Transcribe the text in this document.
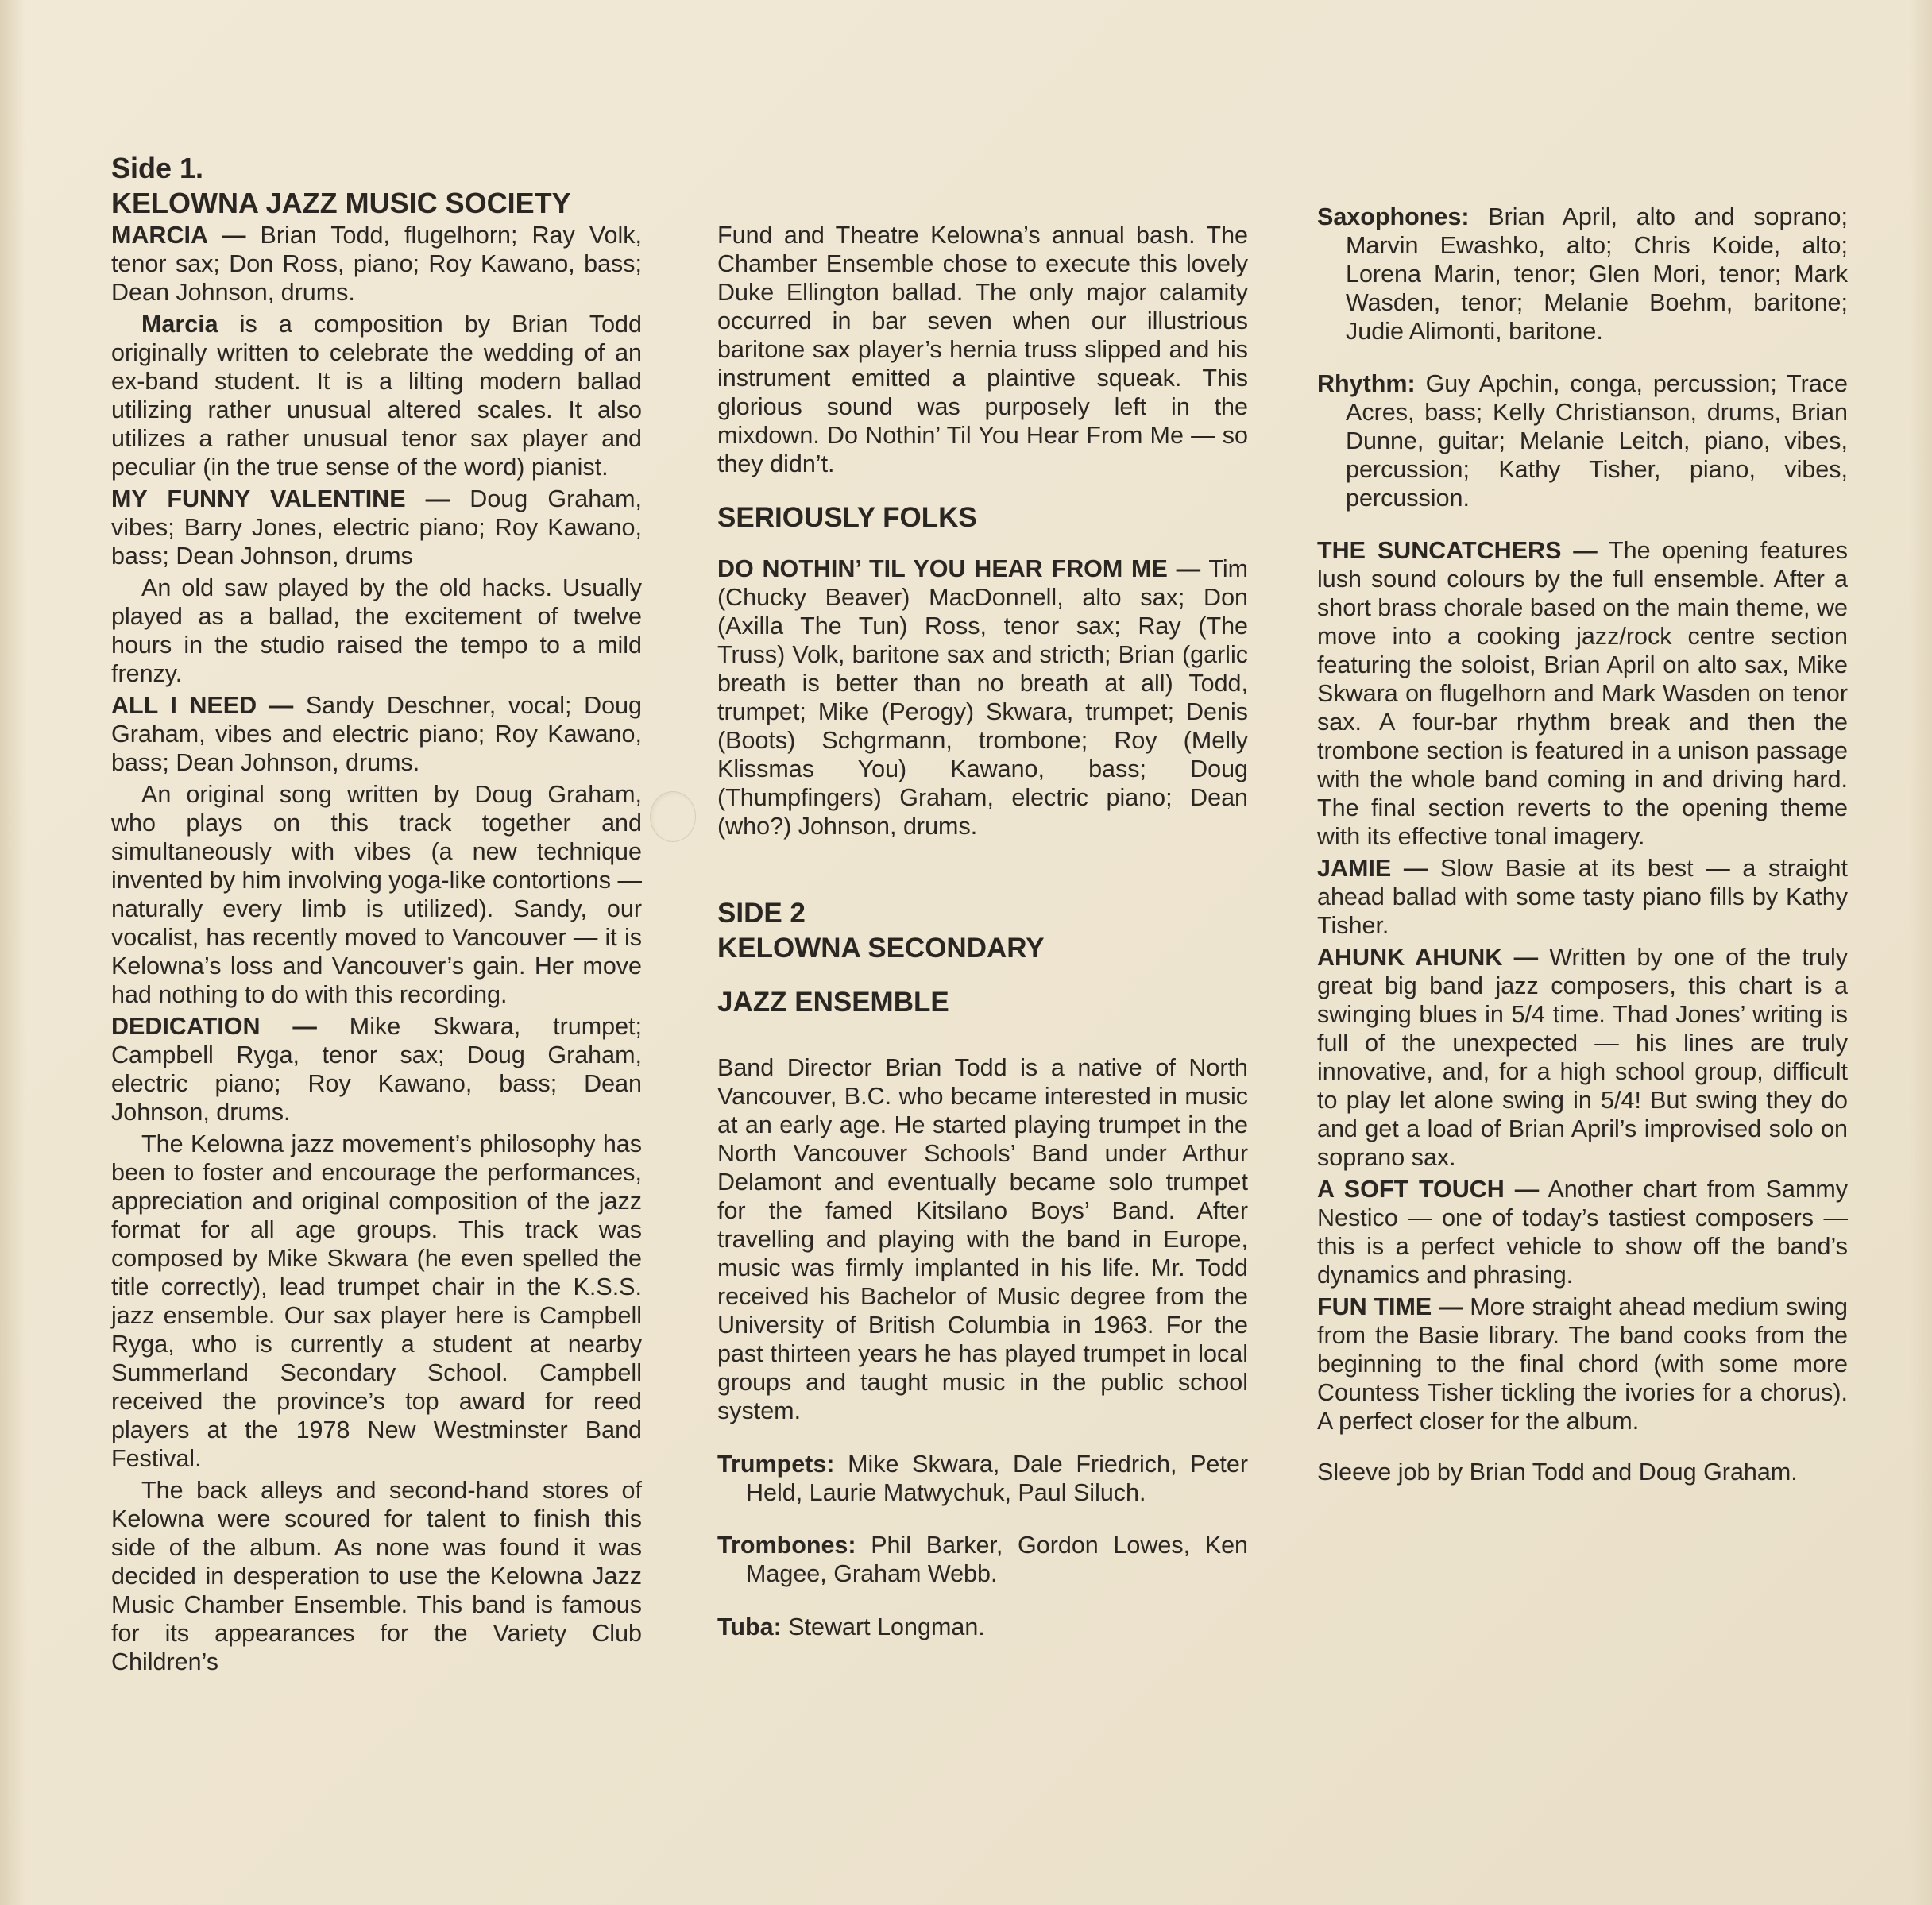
Side 1.
KELOWNA JAZZ MUSIC SOCIETY

MARCIA — Brian Todd, flugelhorn; Ray Volk, tenor sax; Don Ross, piano; Roy Kawano, bass; Dean Johnson, drums.

Marcia is a composition by Brian Todd originally written to celebrate the wedding of an ex-band student. It is a lilting modern ballad utilizing rather unusual altered scales. It also utilizes a rather unusual tenor sax player and peculiar (in the true sense of the word) pianist.

MY FUNNY VALENTINE — Doug Graham, vibes; Barry Jones, electric piano; Roy Kawano, bass; Dean Johnson, drums

An old saw played by the old hacks. Usually played as a ballad, the excitement of twelve hours in the studio raised the tempo to a mild frenzy.

ALL I NEED — Sandy Deschner, vocal; Doug Graham, vibes and electric piano; Roy Kawano, bass; Dean Johnson, drums.

An original song written by Doug Graham, who plays on this track together and simultaneously with vibes (a new technique invented by him involving yoga-like contortions — naturally every limb is utilized). Sandy, our vocalist, has recently moved to Vancouver — it is Kelowna’s loss and Vancouver’s gain. Her move had nothing to do with this recording.

DEDICATION — Mike Skwara, trumpet; Campbell Ryga, tenor sax; Doug Graham, electric piano; Roy Kawano, bass; Dean Johnson, drums.

The Kelowna jazz movement’s philosophy has been to foster and encourage the performances, appreciation and original composition of the jazz format for all age groups. This track was composed by Mike Skwara (he even spelled the title correctly), lead trumpet chair in the K.S.S. jazz ensemble. Our sax player here is Campbell Ryga, who is currently a student at nearby Summerland Secondary School. Campbell received the province’s top award for reed players at the 1978 New Westminster Band Festival.

The back alleys and second-hand stores of Kelowna were scoured for talent to finish this side of the album. As none was found it was decided in desperation to use the Kelowna Jazz Music Chamber Ensemble. This band is famous for its appearances for the Variety Club Children’s

Fund and Theatre Kelowna’s annual bash. The Chamber Ensemble chose to execute this lovely Duke Ellington ballad. The only major calamity occurred in bar seven when our illustrious baritone sax player’s hernia truss slipped and his instrument emitted a plaintive squeak. This glorious sound was purposely left in the mixdown. Do Nothin’ Til You Hear From Me — so they didn’t.

SERIOUSLY FOLKS

DO NOTHIN’ TIL YOU HEAR FROM ME — Tim (Chucky Beaver) MacDonnell, alto sax; Don (Axilla The Tun) Ross, tenor sax; Ray (The Truss) Volk, baritone sax and stricth; Brian (garlic breath is better than no breath at all) Todd, trumpet; Mike (Perogy) Skwara, trumpet; Denis (Boots) Schgrmann, trombone; Roy (Melly Klissmas You) Kawano, bass; Doug (Thumpfingers) Graham, electric piano; Dean (who?) Johnson, drums.

SIDE 2
KELOWNA SECONDARY
JAZZ ENSEMBLE

Band Director Brian Todd is a native of North Vancouver, B.C. who became interested in music at an early age. He started playing trumpet in the North Vancouver Schools’ Band under Arthur Delamont and eventually became solo trumpet for the famed Kitsilano Boys’ Band. After travelling and playing with the band in Europe, music was firmly implanted in his life. Mr. Todd received his Bachelor of Music degree from the University of British Columbia in 1963. For the past thirteen years he has played trumpet in local groups and taught music in the public school system.

Trumpets: Mike Skwara, Dale Friedrich, Peter Held, Laurie Matwychuk, Paul Siluch.

Trombones: Phil Barker, Gordon Lowes, Ken Magee, Graham Webb.

Tuba: Stewart Longman.

Saxophones: Brian April, alto and soprano; Marvin Ewashko, alto; Chris Koide, alto; Lorena Marin, tenor; Glen Mori, tenor; Mark Wasden, tenor; Melanie Boehm, baritone; Judie Alimonti, baritone.

Rhythm: Guy Apchin, conga, percussion; Trace Acres, bass; Kelly Christianson, drums, Brian Dunne, guitar; Melanie Leitch, piano, vibes, percussion; Kathy Tisher, piano, vibes, percussion.

THE SUNCATCHERS — The opening features lush sound colours by the full ensemble. After a short brass chorale based on the main theme, we move into a cooking jazz/rock centre section featuring the soloist, Brian April on alto sax, Mike Skwara on flugelhorn and Mark Wasden on tenor sax. A four-bar rhythm break and then the trombone section is featured in a unison passage with the whole band coming in and driving hard. The final section reverts to the opening theme with its effective tonal imagery.

JAMIE — Slow Basie at its best — a straight ahead ballad with some tasty piano fills by Kathy Tisher.

AHUNK AHUNK — Written by one of the truly great big band jazz composers, this chart is a swinging blues in 5/4 time. Thad Jones’ writing is full of the unexpected — his lines are truly innovative, and, for a high school group, difficult to play let alone swing in 5/4! But swing they do and get a load of Brian April’s improvised solo on soprano sax.

A SOFT TOUCH — Another chart from Sammy Nestico — one of today’s tastiest composers — this is a perfect vehicle to show off the band’s dynamics and phrasing.

FUN TIME — More straight ahead medium swing from the Basie library. The band cooks from the beginning to the final chord (with some more Countess Tisher tickling the ivories for a chorus). A perfect closer for the album.

Sleeve job by Brian Todd and Doug Graham.
